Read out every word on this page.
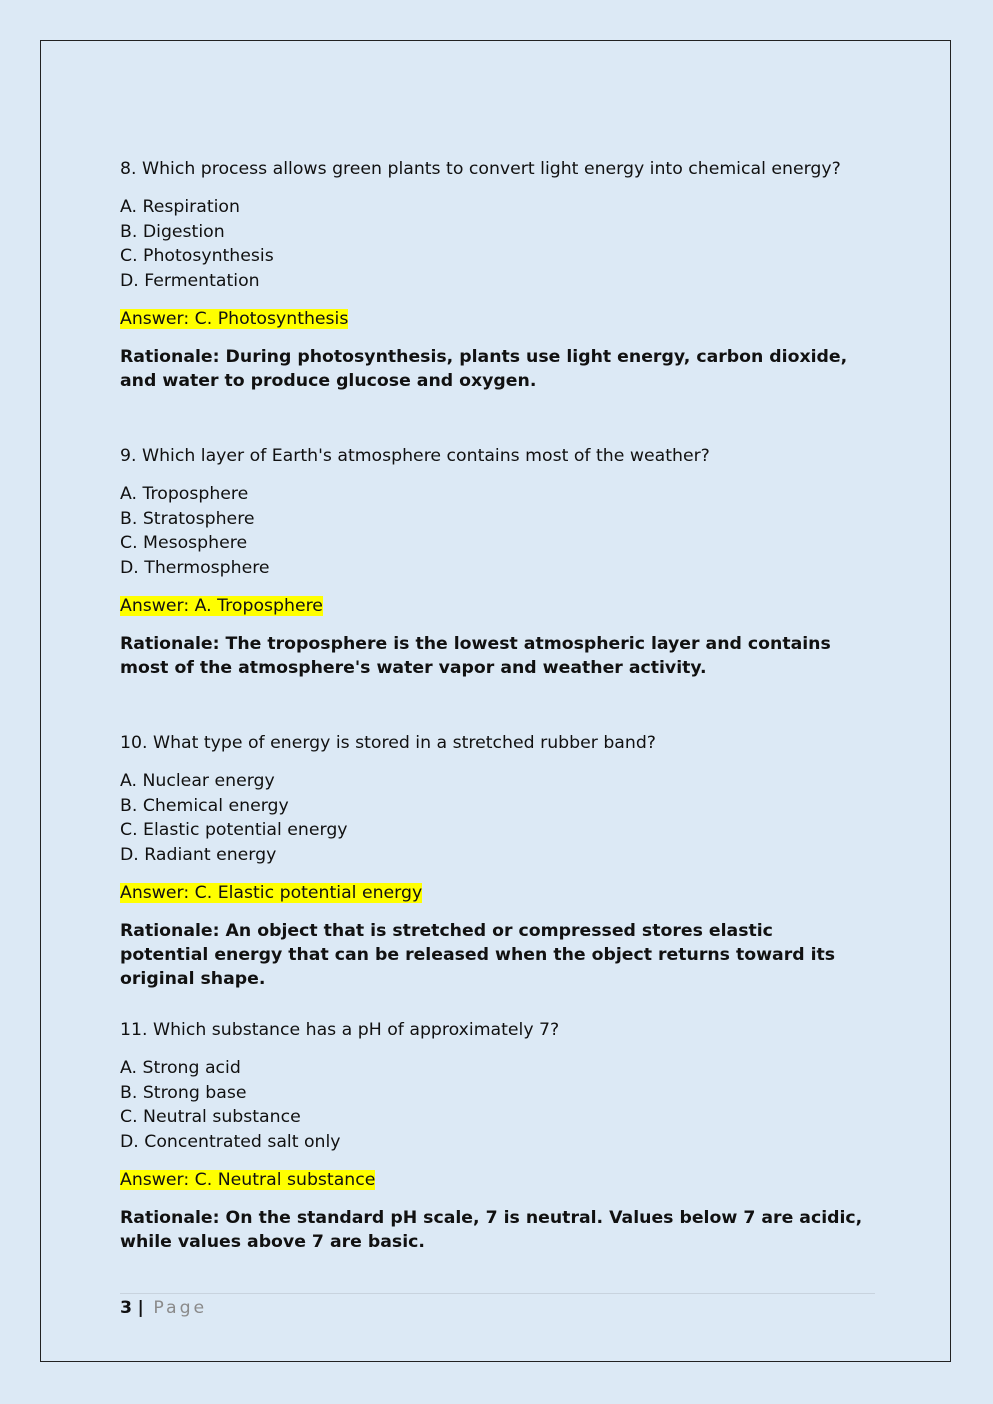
8. Which process allows green plants to convert light energy into chemical energy?

A. Respiration
B. Digestion
C. Photosynthesis
D. Fermentation

Answer: C. Photosynthesis

Rationale: During photosynthesis, plants use light energy, carbon dioxide, and water to produce glucose and oxygen.

9. Which layer of Earth's atmosphere contains most of the weather?

A. Troposphere
B. Stratosphere
C. Mesosphere
D. Thermosphere

Answer: A. Troposphere

Rationale: The troposphere is the lowest atmospheric layer and contains most of the atmosphere's water vapor and weather activity.

10. What type of energy is stored in a stretched rubber band?

A. Nuclear energy
B. Chemical energy
C. Elastic potential energy
D. Radiant energy

Answer: C. Elastic potential energy

Rationale: An object that is stretched or compressed stores elastic potential energy that can be released when the object returns toward its original shape.

11. Which substance has a pH of approximately 7?

A. Strong acid
B. Strong base
C. Neutral substance
D. Concentrated salt only

Answer: C. Neutral substance

Rationale: On the standard pH scale, 7 is neutral. Values below 7 are acidic, while values above 7 are basic.

3 | Page
